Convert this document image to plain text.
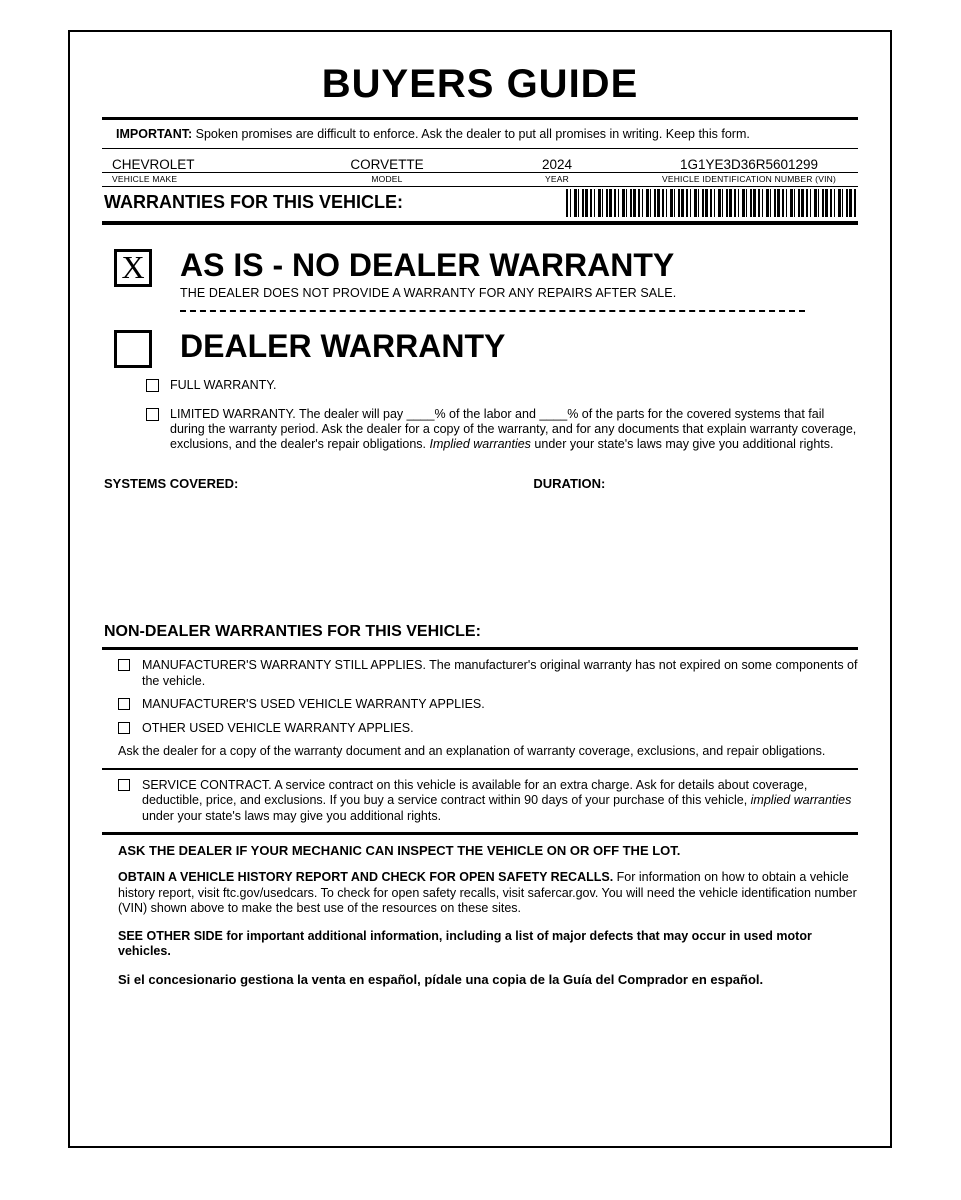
BUYERS GUIDE
IMPORTANT: Spoken promises are difficult to enforce. Ask the dealer to put all promises in writing. Keep this form.
CHEVROLET	CORVETTE	2024	1G1YE3D36R5601299
VEHICLE MAKE	MODEL	YEAR	VEHICLE IDENTIFICATION NUMBER (VIN)
WARRANTIES FOR THIS VEHICLE:
X AS IS - NO DEALER WARRANTY
THE DEALER DOES NOT PROVIDE A WARRANTY FOR ANY REPAIRS AFTER SALE.
DEALER WARRANTY
FULL WARRANTY.
LIMITED WARRANTY. The dealer will pay ____% of the labor and ____% of the parts for the covered systems that fail during the warranty period. Ask the dealer for a copy of the warranty, and for any documents that explain warranty coverage, exclusions, and the dealer's repair obligations. Implied warranties under your state's laws may give you additional rights.
SYSTEMS COVERED:	DURATION:
NON-DEALER WARRANTIES FOR THIS VEHICLE:
MANUFACTURER'S WARRANTY STILL APPLIES. The manufacturer's original warranty has not expired on some components of the vehicle.
MANUFACTURER'S USED VEHICLE WARRANTY APPLIES.
OTHER USED VEHICLE WARRANTY APPLIES.
Ask the dealer for a copy of the warranty document and an explanation of warranty coverage, exclusions, and repair obligations.
SERVICE CONTRACT. A service contract on this vehicle is available for an extra charge. Ask for details about coverage, deductible, price, and exclusions. If you buy a service contract within 90 days of your purchase of this vehicle, implied warranties under your state's laws may give you additional rights.
ASK THE DEALER IF YOUR MECHANIC CAN INSPECT THE VEHICLE ON OR OFF THE LOT.
OBTAIN A VEHICLE HISTORY REPORT AND CHECK FOR OPEN SAFETY RECALLS. For information on how to obtain a vehicle history report, visit ftc.gov/usedcars. To check for open safety recalls, visit safercar.gov. You will need the vehicle identification number (VIN) shown above to make the best use of the resources on these sites.
SEE OTHER SIDE for important additional information, including a list of major defects that may occur in used motor vehicles.
Si el concesionario gestiona la venta en español, pídale una copia de la Guía del Comprador en español.
